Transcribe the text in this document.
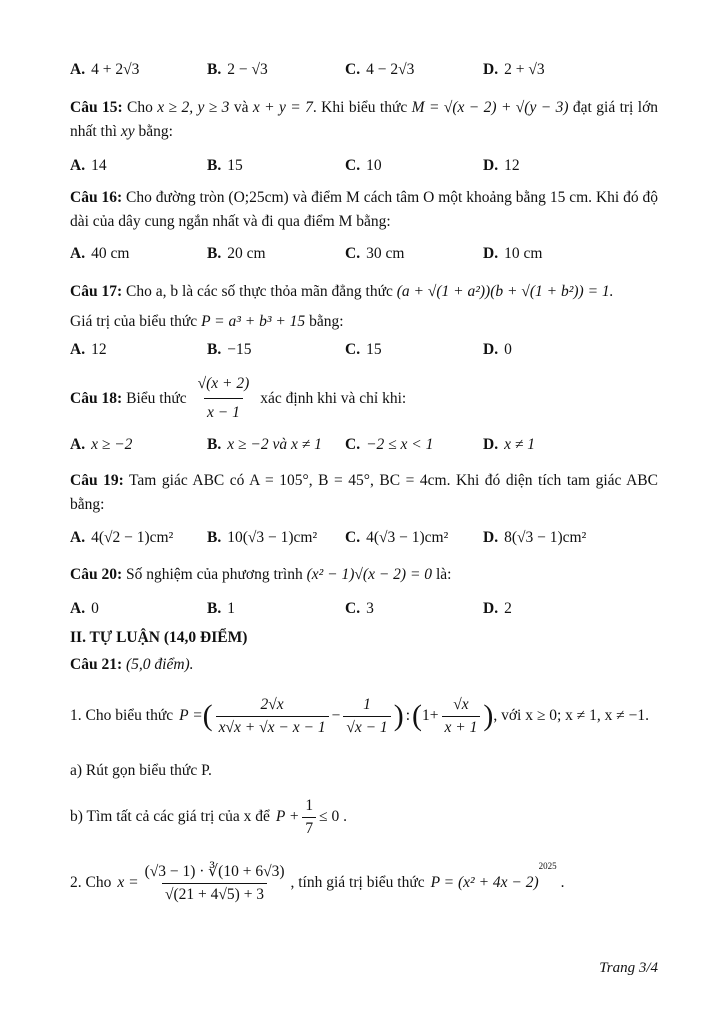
A. 4 + 2√3	B. 2 − √3	C. 4 − 2√3	D. 2 + √3
Câu 15: Cho x ≥ 2, y ≥ 3 và x + y = 7. Khi biểu thức M = √(x − 2) + √(y − 3) đạt giá trị lớn nhất thì xy bằng:
A. 14	B. 15	C. 10	D. 12
Câu 16: Cho đường tròn (O;25cm) và điểm M cách tâm O một khoảng bằng 15 cm. Khi đó độ dài của dây cung ngắn nhất và đi qua điểm M bằng:
A. 40 cm	B. 20 cm	C. 30 cm	D. 10 cm
Câu 17: Cho a, b là các số thực thỏa mãn đẳng thức (a + √(1 + a²))(b + √(1 + b²)) = 1.
Giá trị của biểu thức P = a³ + b³ + 15 bằng:
A. 12	B. −15	C. 15	D. 0
Câu 18: Biểu thức $\frac{√(x + 2)}{x - 1}$ xác định khi và chỉ khi:
A. x ≥ −2	B. x ≥ −2 và x ≠ 1 C. −2 ≤ x < 1	D. x ≠ 1
Câu 19: Tam giác ABC có A = 105°, B = 45°, BC = 4cm. Khi đó diện tích tam giác ABC bằng:
A. 4(√2 − 1)cm² B. 10(√3 − 1)cm² C. 4(√3 − 1)cm² D. 8(√3 − 1)cm²
Câu 20: Số nghiệm của phương trình (x² − 1)√(x − 2) = 0 là:
A. 0	B. 1	C. 3	D. 2
II. TỰ LUẬN (14,0 ĐIỂM)
Câu 21: (5,0 điểm).
1. Cho biểu thức P = ( $\frac{2√x}{x√x + √x - x - 1} - \frac{1}{√x - 1}$ ) : ( $1+ \frac{√x}{x + 1}$ ) , với x ≥ 0; x ≠ 1, x ≠ −1.
a) Rút gọn biểu thức P.
b) Tìm tất cả các giá trị của x để $P + \frac{1}{7} \le 0$ .
2. Cho $x = \frac{(√3 - 1) \cdot ∛(10 + 6√3)}{√(21 + 4√5) + 3}$ , tính giá trị biểu thức P = (x² + 4x − 2)
2025
.
Trang 3/4
